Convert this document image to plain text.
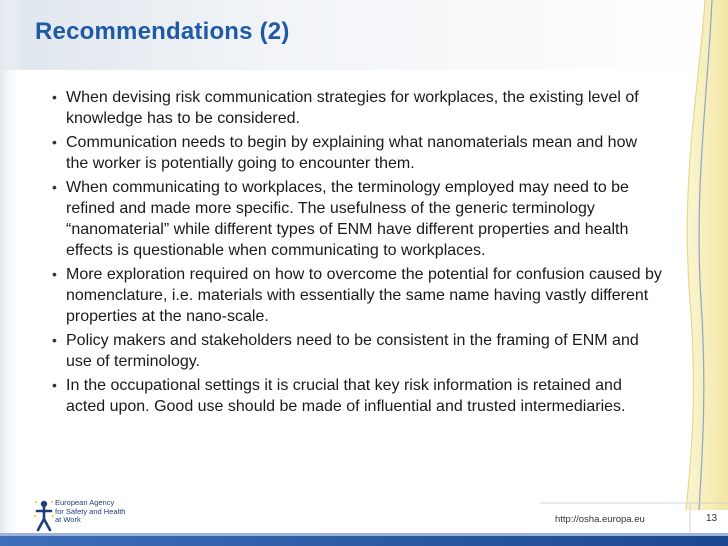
Recommendations (2)
• When devising risk communication strategies for workplaces, the existing level of knowledge has to be considered.
• Communication needs to begin by explaining what nanomaterials mean and how the worker is potentially going to encounter them.
• When communicating to workplaces, the terminology employed may need to be refined and made more specific. The usefulness of the generic terminology “nanomaterial” while different types of ENM have different properties and health effects is questionable when communicating to workplaces.
• More exploration required on how to overcome the potential for confusion caused by nomenclature, i.e. materials with essentially the same name having vastly different properties at the nano-scale.
• Policy makers and stakeholders need to be consistent in the framing of ENM and use of terminology.
• In the occupational settings it is crucial that key risk information is retained and acted upon. Good use should be made of influential and trusted intermediaries.
European Agency
for Safety and Health
at Work	http://osha.europa.eu	13
